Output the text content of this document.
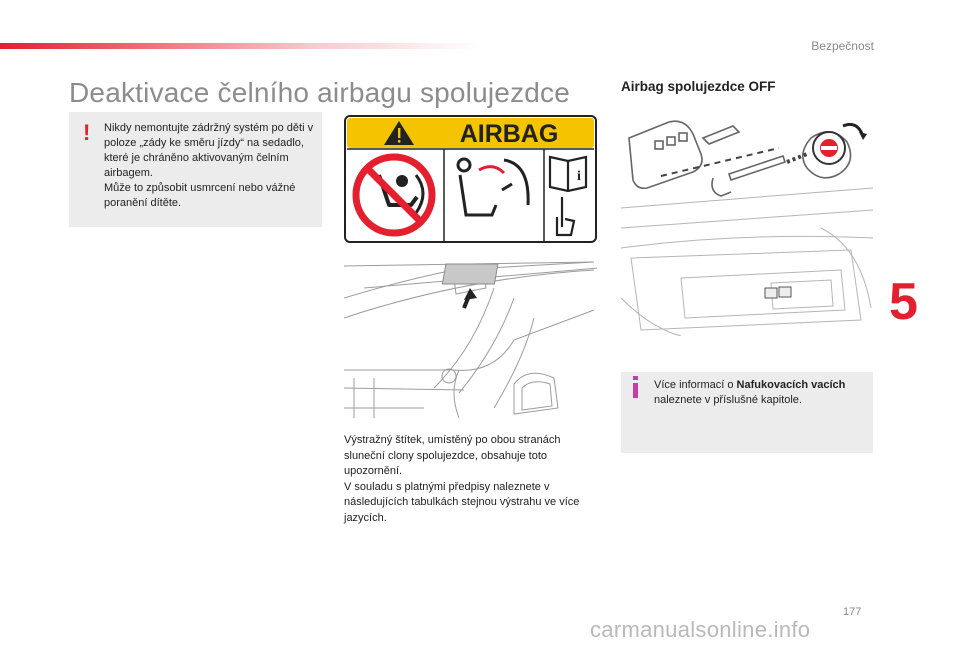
Bezpečnost
Deaktivace čelního airbagu spolujezdce
! Nikdy nemontujte zádržný systém po děti v poloze „zády ke směru jízdy“ na sedadlo, které je chráněno aktivovaným čelním airbagem.

Může to způsobit usmrcení nebo vážné poranění dítěte.

AIRBAG
i

Výstražný štítek, umístěný po obou stranách sluneční clony spolujezdce, obsahuje toto upozornění.

V souladu s platnými předpisy naleznete v následujících tabulkách stejnou výstrahu ve více jazycích.

Airbag spolujezdce OFF
Více informací o Nafukovacích vacích naleznete v příslušné kapitole.
5
177
carmanualsonline.info
